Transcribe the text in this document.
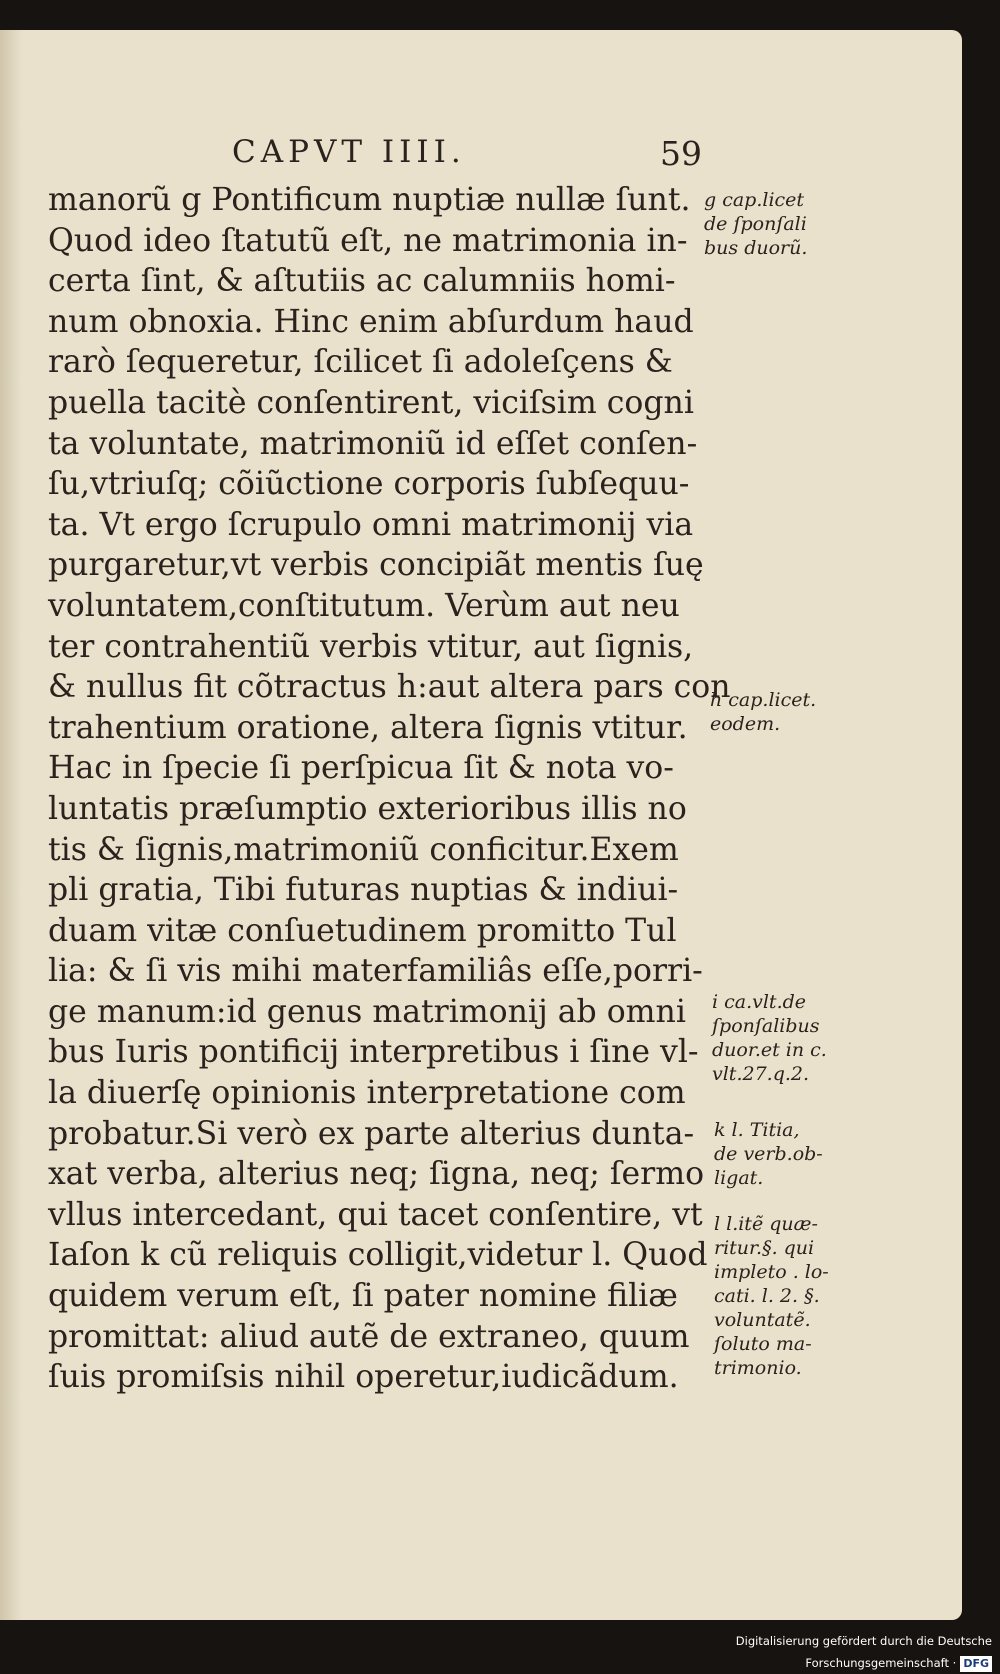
CAPVT IIII.	59
manorũ g Pontificum nuptiæ nullæ ſunt.
Quod ideo ſtatutũ eſt, ne matrimonia in-
certa ſint, & aſtutiis ac calumniis homi-
num obnoxia. Hinc enim abſurdum haud
rarò ſequeretur, ſcilicet ſi adoleſçens &
puella tacitè conſentirent, viciſsim cogni
ta voluntate, matrimoniũ id eſſet conſen-
ſu,vtriuſq; cõiũctione corporis ſubſequu-
ta. Vt ergo ſcrupulo omni matrimonij via
purgaretur,vt verbis concipiãt mentis ſuę
voluntatem,conſtitutum. Verùm aut neu
ter contrahentiũ verbis vtitur, aut ſignis,
& nullus fit cõtractus h:aut altera pars con
trahentium oratione, altera ſignis vtitur.
Hac in ſpecie ſi perſpicua ſit & nota vo-
luntatis præſumptio exterioribus illis no
tis & ſignis,matrimoniũ conficitur.Exem
pli gratia, Tibi futuras nuptias & indiui-
duam vitæ conſuetudinem promitto Tul
lia: & ſi vis mihi materfamiliâs eſſe,porri-
ge manum:id genus matrimonij ab omni
bus Iuris pontificij interpretibus i ſine vl-
la diuerſę opinionis interpretatione com
probatur.Si verò ex parte alterius dunta-
xat verba, alterius neq; ſigna, neq; ſermo
vllus intercedant, qui tacet conſentire, vt
Iaſon k cũ reliquis colligit,videtur l. Quod
quidem verum eſt, ſi pater nomine filiæ
promittat: aliud autẽ de extraneo, quum
ſuis promiſsis nihil operetur,iudicãdum.
g cap.licet
de ſponſali
bus duorũ.
h cap.licet.
eodem.
i ca.vlt.de
ſponſalibus
duor.et in c.
vlt.27.q.2.
k l. Titia,
de verb.ob-
ligat.
l l.itẽ quæ-
ritur.§. qui
impleto . lo-
cati. l. 2. §.
voluntatẽ.
ſoluto ma-
trimonio.
Digitalisierung gefördert durch die Deutsche Forschungsgemeinschaft · DFG
